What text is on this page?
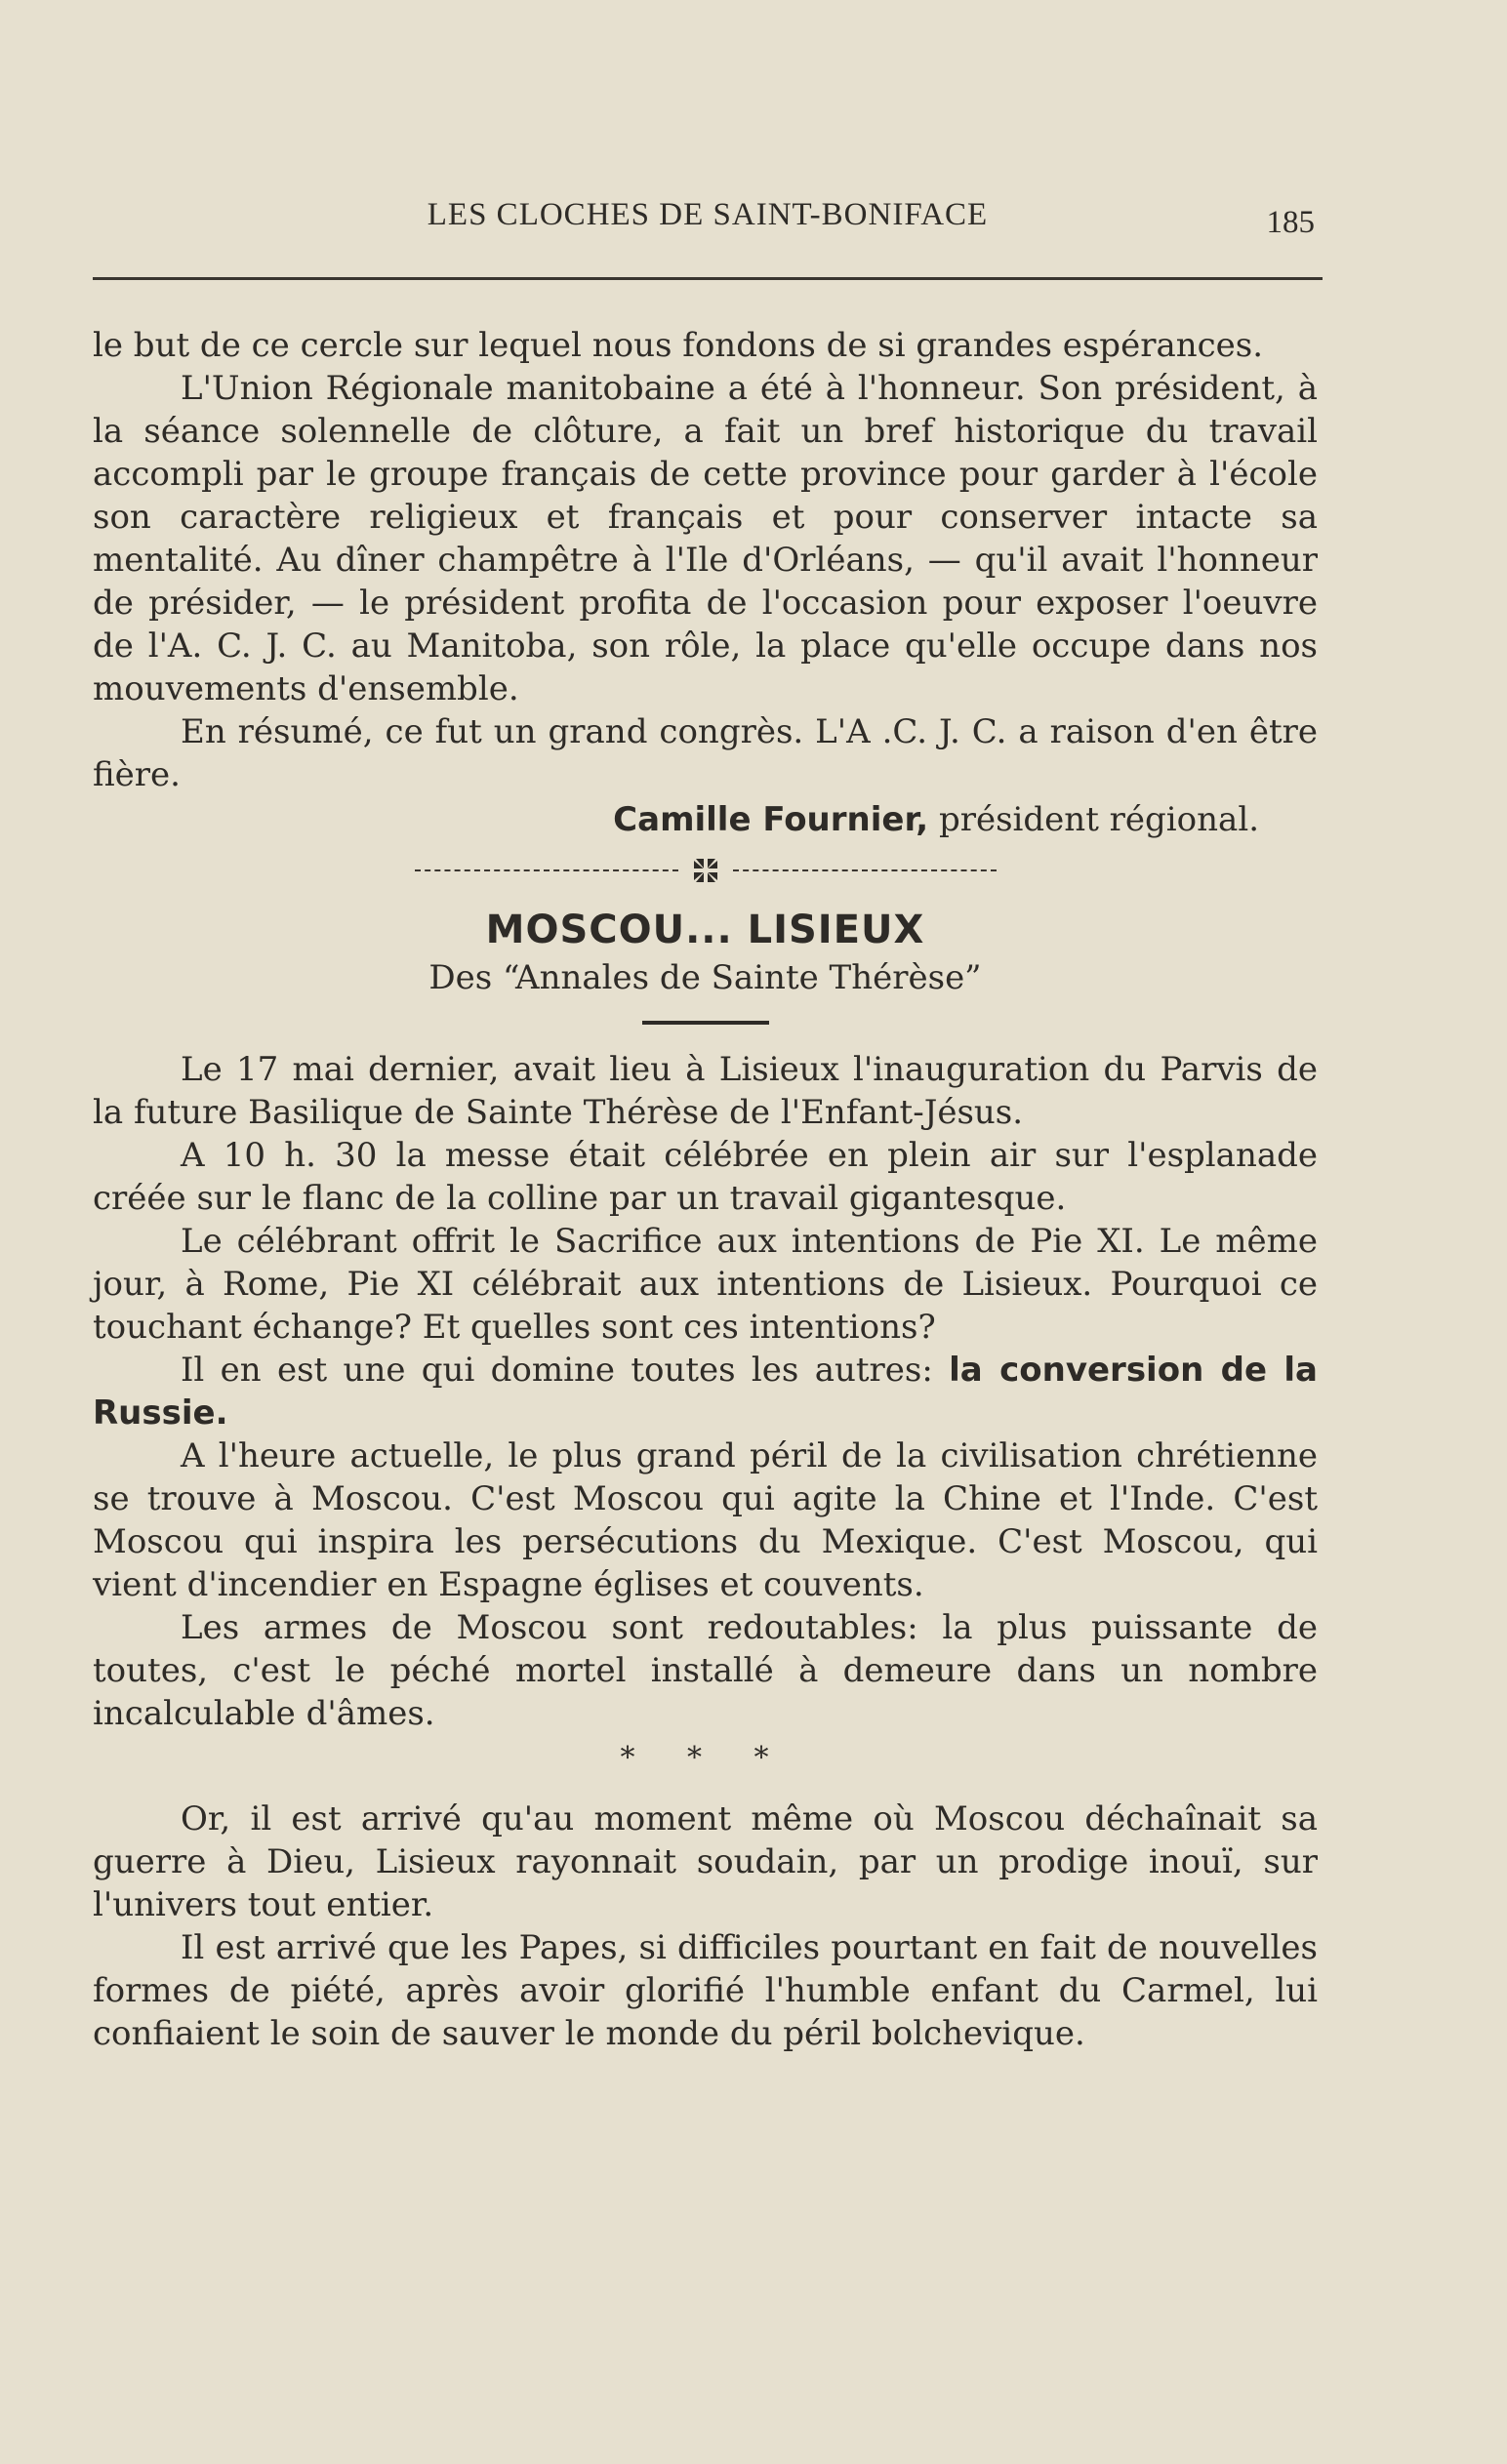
LES CLOCHES DE SAINT-BONIFACE	185

le but de ce cercle sur lequel nous fondons de si grandes espérances.

L'Union Régionale manitobaine a été à l'honneur. Son président, à la séance solennelle de clôture, a fait un bref historique du travail accompli par le groupe français de cette province pour garder à l'école son caractère religieux et français et pour conserver intacte sa mentalité. Au dîner champêtre à l'Ile d'Orléans, — qu'il avait l'honneur de présider, — le président profita de l'occasion pour exposer l'oeuvre de l'A. C. J. C. au Manitoba, son rôle, la place qu'elle occupe dans nos mouvements d'ensemble.

En résumé, ce fut un grand congrès. L'A .C. J. C. a raison d'en être fière.

Camille Fournier, président régional.
MOSCOU... LISIEUX
Des “Annales de Sainte Thérèse”

Le 17 mai dernier, avait lieu à Lisieux l'inauguration du Parvis de la future Basilique de Sainte Thérèse de l'Enfant-Jésus.

A 10 h. 30 la messe était célébrée en plein air sur l'esplanade créée sur le flanc de la colline par un travail gigantesque.

Le célébrant offrit le Sacrifice aux intentions de Pie XI. Le même jour, à Rome, Pie XI célébrait aux intentions de Lisieux. Pourquoi ce touchant échange? Et quelles sont ces intentions?

Il en est une qui domine toutes les autres: la conversion de la Russie.

A l'heure actuelle, le plus grand péril de la civilisation chrétienne se trouve à Moscou. C'est Moscou qui agite la Chine et l'Inde. C'est Moscou qui inspira les persécutions du Mexique. C'est Moscou, qui vient d'incendier en Espagne églises et couvents.

Les armes de Moscou sont redoutables: la plus puissante de toutes, c'est le péché mortel installé à demeure dans un nombre incalculable d'âmes.

* * *

Or, il est arrivé qu'au moment même où Moscou déchaînait sa guerre à Dieu, Lisieux rayonnait soudain, par un prodige inouï, sur l'univers tout entier.

Il est arrivé que les Papes, si difficiles pourtant en fait de nouvelles formes de piété, après avoir glorifié l'humble enfant du Carmel, lui confiaient le soin de sauver le monde du péril bolchevique.
